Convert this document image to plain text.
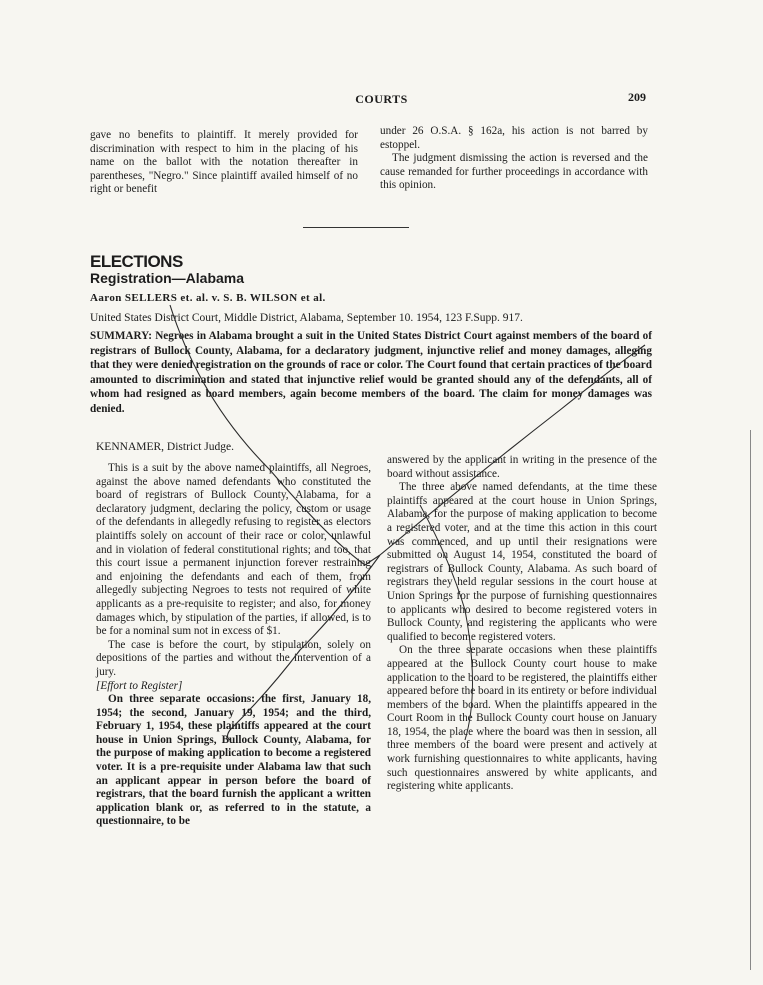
COURTS	209

gave no benefits to plaintiff. It merely provided for discrimination with respect to him in the placing of his name on the ballot with the notation thereafter in parentheses, "Negro." Since plaintiff availed himself of no right or benefit

under 26 O.S.A. § 162a, his action is not barred by estoppel.

The judgment dismissing the action is reversed and the cause remanded for further proceedings in accordance with this opinion.

ELECTIONS
Registration—Alabama
Aaron SELLERS et. al. v. S. B. WILSON et al.
United States District Court, Middle District, Alabama, September 10. 1954, 123 F.Supp. 917.
SUMMARY: Negroes in Alabama brought a suit in the United States District Court against members of the board of registrars of Bullock County, Alabama, for a declaratory judgment, injunctive relief and money damages, alleging that they were denied registration on the grounds of race or color. The Court found that certain practices of the board amounted to discrimination and stated that injunctive relief would be granted should any of the defendants, all of whom had resigned as board members, again become members of the board. The claim for money damages was denied.
KENNAMER, District Judge.

This is a suit by the above named plaintiffs, all Negroes, against the above named defendants who constituted the board of registrars of Bullock County, Alabama, for a declaratory judgment, declaring the policy, custom or usage of the defendants in allegedly refusing to register as electors plaintiffs solely on account of their race or color, unlawful and in violation of federal constitutional rights; and too, that this court issue a permanent injunction forever restraining and enjoining the defendants and each of them, from allegedly subjecting Negroes to tests not required of white applicants as a pre-requisite to register; and also, for money damages which, by stipulation of the parties, if allowed, is to be for a nominal sum not in excess of $1.

The case is before the court, by stipulation, solely on depositions of the parties and without the intervention of a jury.

[Effort to Register]

On three separate occasions: the first, January 18, 1954; the second, January 19, 1954; and the third, February 1, 1954, these plaintiffs appeared at the court house in Union Springs, Bullock County, Alabama, for the purpose of making application to become a registered voter. It is a pre-requisite under Alabama law that such an applicant appear in person before the board of registrars, that the board furnish the applicant a written application blank or, as referred to in the statute, a questionnaire, to be

answered by the applicant in writing in the presence of the board without assistance.

The three above named defendants, at the time these plaintiffs appeared at the court house in Union Springs, Alabama, for the purpose of making application to become a registered voter, and at the time this action in this court was commenced, and up until their resignations were submitted on August 14, 1954, constituted the board of registrars of Bullock County, Alabama. As such board of registrars they held regular sessions in the court house at Union Springs for the purpose of furnishing questionnaires to applicants who desired to become registered voters in Bullock County, and registering the applicants who were qualified to become registered voters.

On the three separate occasions when these plaintiffs appeared at the Bullock County court house to make application to the board to be registered, the plaintiffs either appeared before the board in its entirety or before individual members of the board. When the plaintiffs appeared in the Court Room in the Bullock County court house on January 18, 1954, the place where the board was then in session, all three members of the board were present and actively at work furnishing questionnaires to white applicants, having such questionnaires answered by white applicants, and registering white applicants.
